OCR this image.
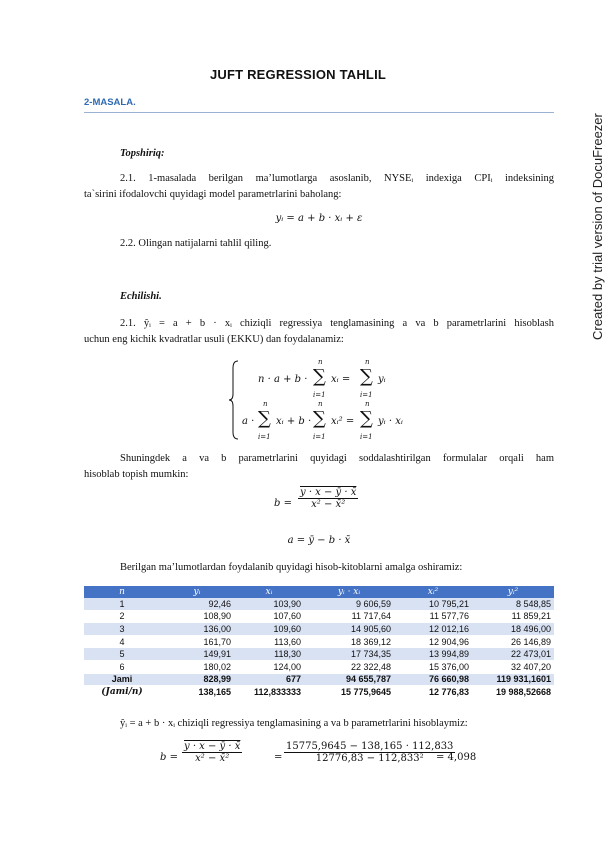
JUFT REGRESSION TAHLIL
2-MASALA.
Created by trial version of DocuFreezer
Topshiriq:
2.1. 1-masalada berilgan ma’lumotlarga asoslanib, NYSEᵢ indexiga CPIᵢ indeksining
ta`sirini ifodalovchi quyidagi model parametrlarini baholang:
yᵢ = a + b · xᵢ + ε
2.2. Olingan natijalarni tahlil qiling.
Echilishi.
2.1. ŷᵢ = a + b · xᵢ chiziqli regressiya tenglamasining a va b parametrlarini hisoblash
uchun eng kichik kvadratlar usuli (EKKU) dan foydalanamiz:
n · a + b ·
n
∑
i=1
xᵢ =
n
∑
i=1
yᵢ
a ·
n
∑
i=1
xᵢ + b ·
n
∑
i=1
xᵢ² =
n
∑
i=1
yᵢ · xᵢ
Shuningdek a va b parametrlarini quyidagi soddalashtirilgan formulalar orqali ham
hisoblab topish mumkin:
$b = \frac{y \cdot x - ȳ \cdot x̄}{\text{x² − x̄²}}$
a = ȳ − b · x̄
Berilgan ma’lumotlardan foydalanib quyidagi hisob-kitoblarni amalga oshiramiz:
n	yᵢ	xᵢ	yᵢ · xᵢ	xᵢ²	yᵢ²
1	92,46	103,90	9 606,59	10 795,21	8 548,85
2	108,90	107,60	11 717,64	11 577,76	11 859,21
3	136,00	109,60	14 905,60	12 012,16	18 496,00
4	161,70	113,60	18 369,12	12 904,96	26 146,89
5	149,91	118,30	17 734,35	13 994,89	22 473,01
6	180,02	124,00	22 322,48	15 376,00	32 407,20
Jami	828,99	677	94 655,787	76 660,98	119 931,1601
(Jami/n)	138,165	112,833333	15 775,9645	12 776,83	19 988,52668
ŷᵢ = a + b · xᵢ chiziqli regressiya tenglamasining a va b parametrlarini hisoblaymiz:
$b = \frac{y \cdot x - ȳ \cdot x̄}{\text{x² − x̄²}}$	= $\frac{15775,9645 - 138,165 \cdot 112,833}{\text{12776,83 − 112,833²}}$
= 4,098
